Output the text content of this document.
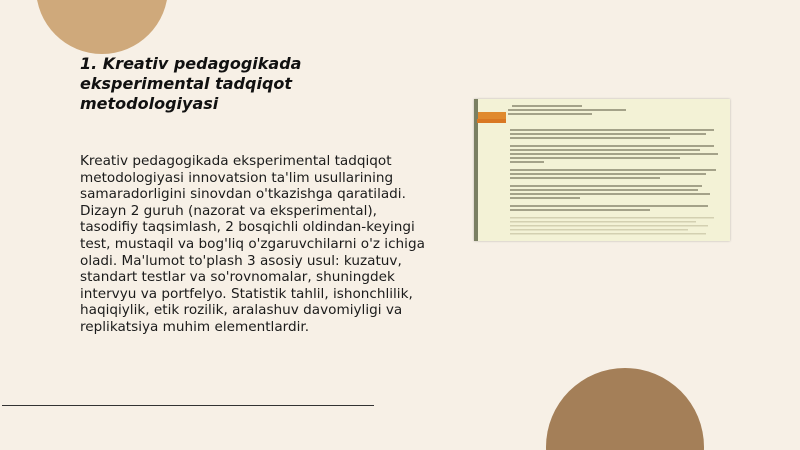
1. Kreativ pedagogikada eksperimental tadqiqot metodologiyasi

Kreativ pedagogikada eksperimental tadqiqot metodologiyasi innovatsion ta'lim usullarining samaradorligini sinovdan o'tkazishga qaratiladi. Dizayn 2 guruh (nazorat va eksperimental), tasodifiy taqsimlash, 2 bosqichli oldindan-keyingi test, mustaqil va bog'liq o'zgaruvchilarni o'z ichiga oladi. Ma'lumot to'plash 3 asosiy usul: kuzatuv, standart testlar va so'rovnomalar, shuningdek intervyu va portfelyo. Statistik tahlil, ishonchlilik, haqiqiylik, etik rozilik, aralashuv davomiyligi va replikatsiya muhim elementlardir.
